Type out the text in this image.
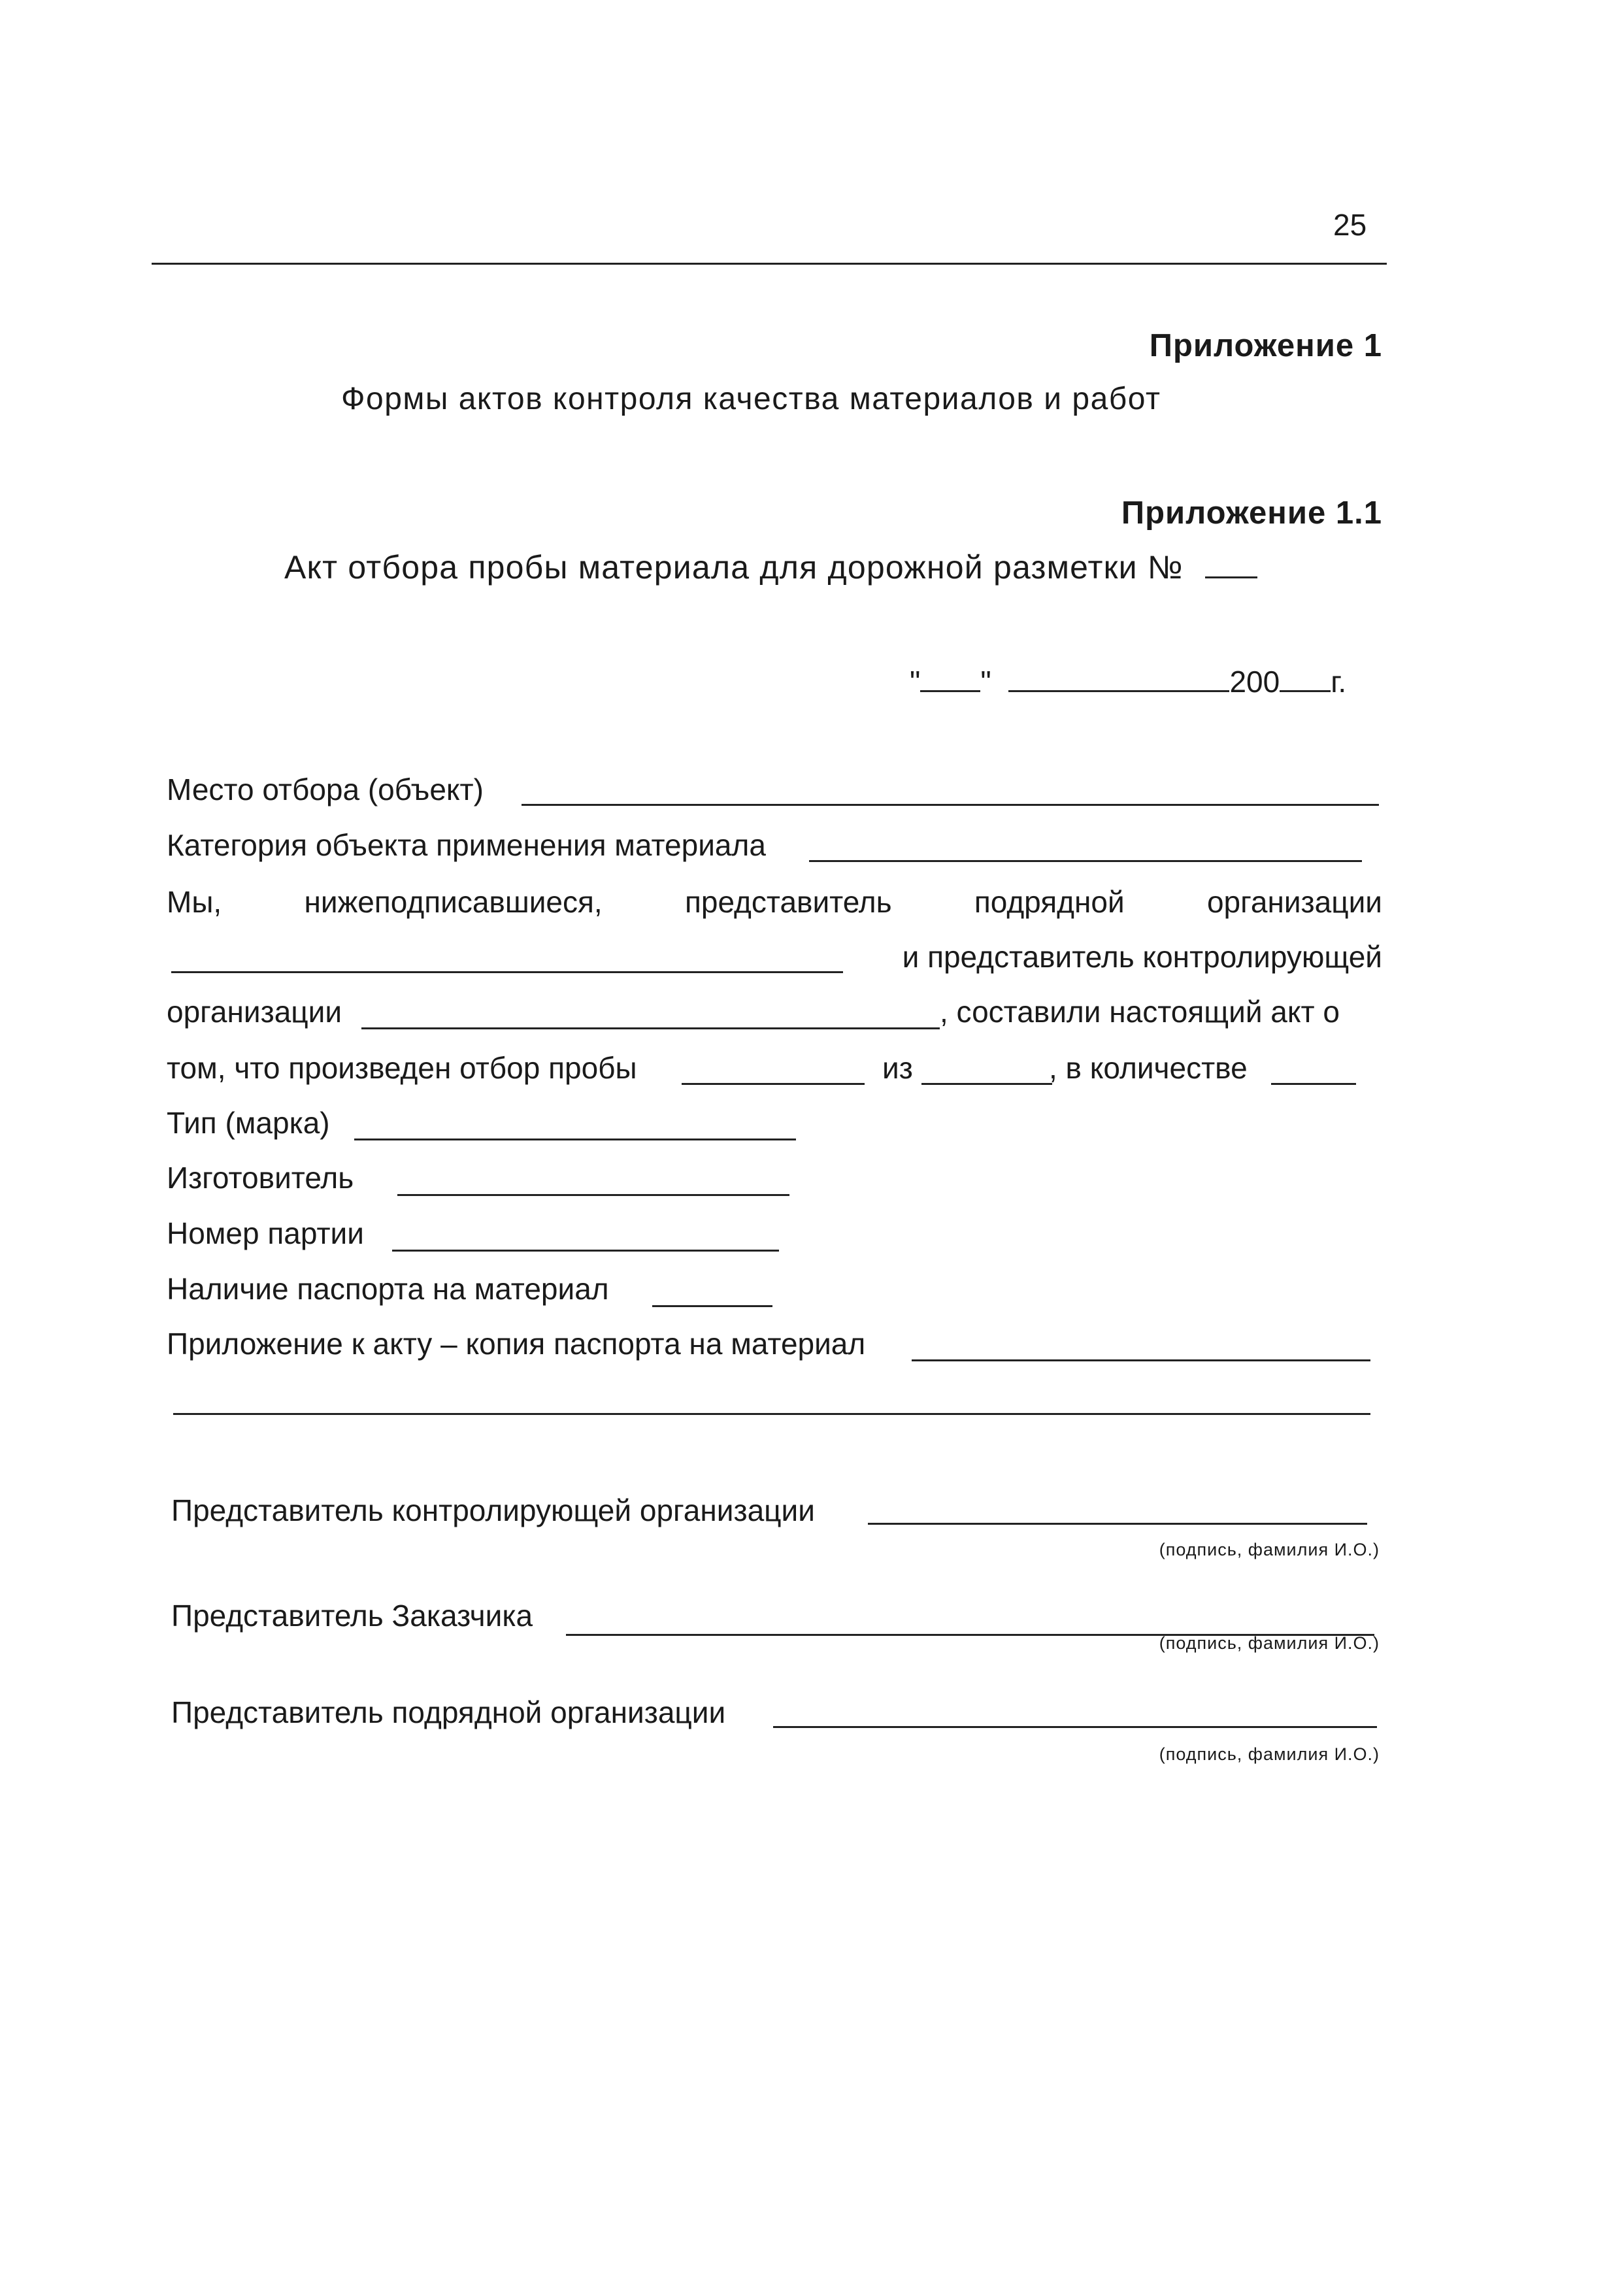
25
Приложение 1
Формы актов контроля качества материалов и работ
Приложение 1.1
Акт отбора пробы материала для дорожной разметки №
" "	200 г.
Место отбора (объект)
Категория объекта применения материала
Мы,	нижеподписавшиеся,	представитель	подрядной	организации
и представитель контролирующей
организации	, составили настоящий акт о
том, что произведен отбор пробы	из	, в количестве
Тип (марка)
Изготовитель
Номер партии
Наличие паспорта на материал
Приложение к акту – копия паспорта на материал
Представитель контролирующей организации
(подпись, фамилия И.О.)
Представитель Заказчика
(подпись, фамилия И.О.)
Представитель подрядной организации
(подпись, фамилия И.О.)
